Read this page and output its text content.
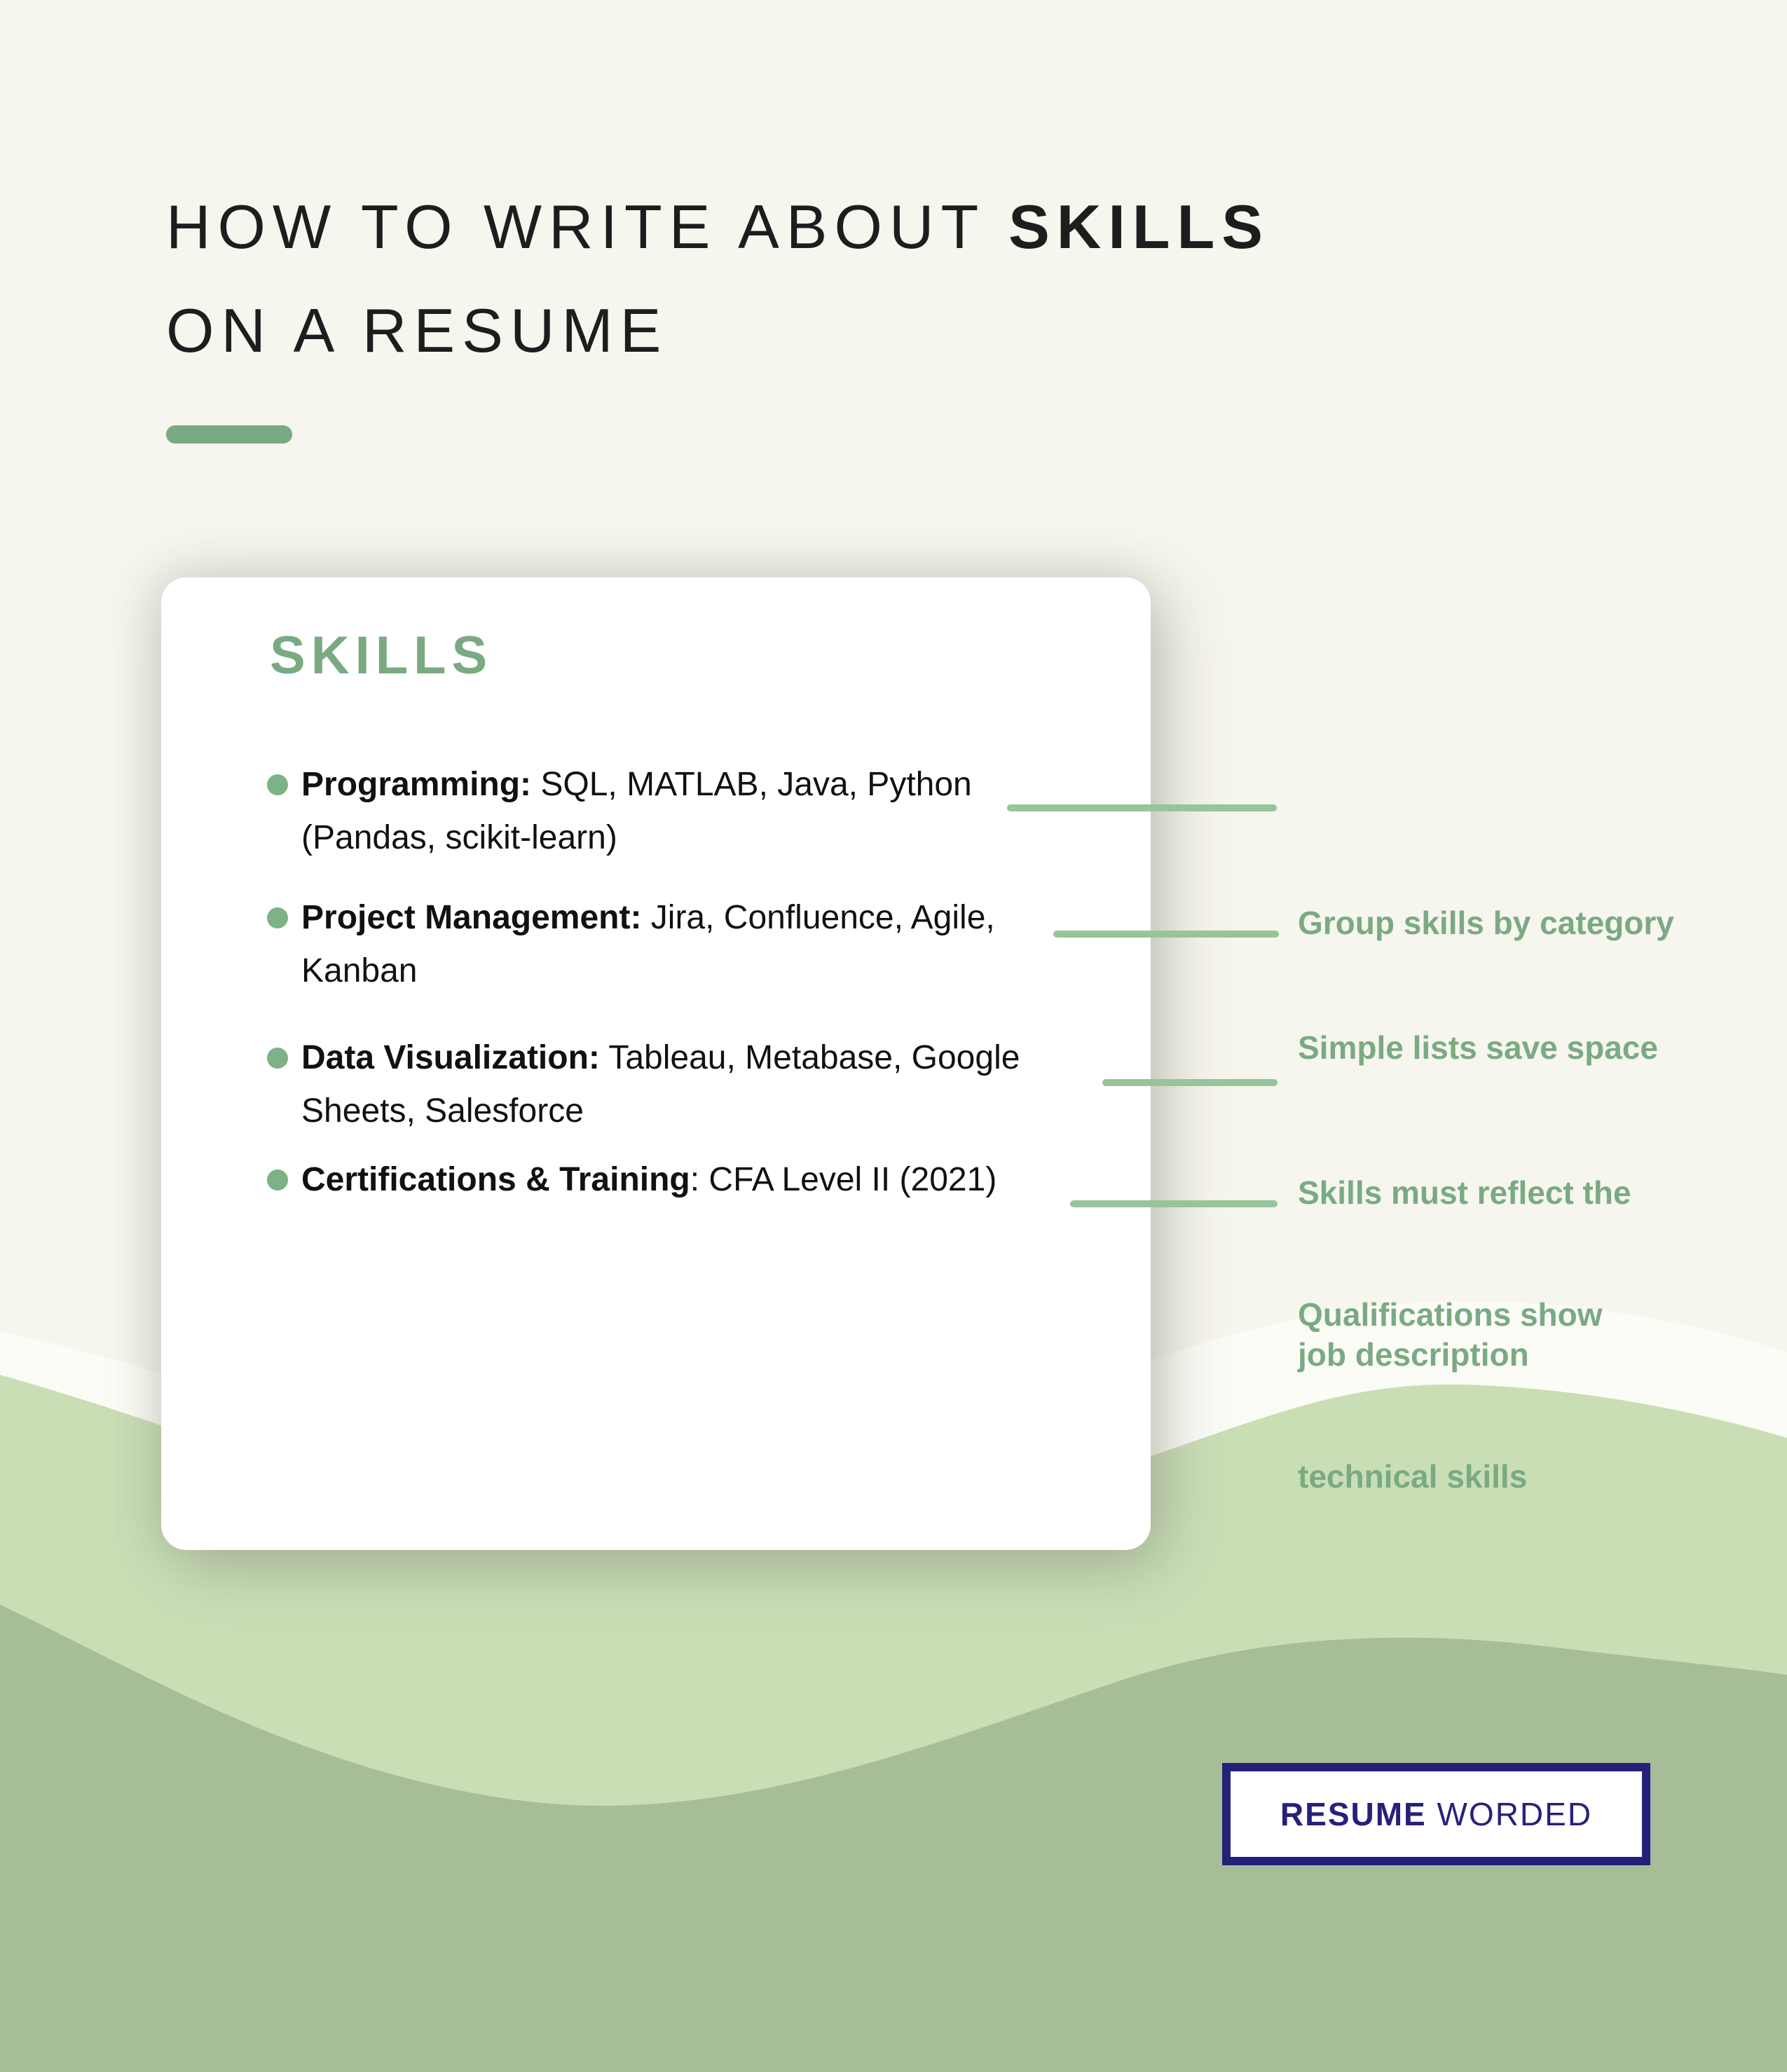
HOW TO WRITE ABOUT SKILLS
ON A RESUME
SKILLS
Programming: SQL, MATLAB, Java, Python
(Pandas, scikit-learn)
Project Management: Jira, Confluence, Agile,
Kanban
Data Visualization: Tableau, Metabase, Google
Sheets, Salesforce
Certifications & Training : CFA Level II (2021)

Group skills by category

Simple lists save space

Skills must reflect the

job description

Qualifications show

technical skills

RESUME WORDED
